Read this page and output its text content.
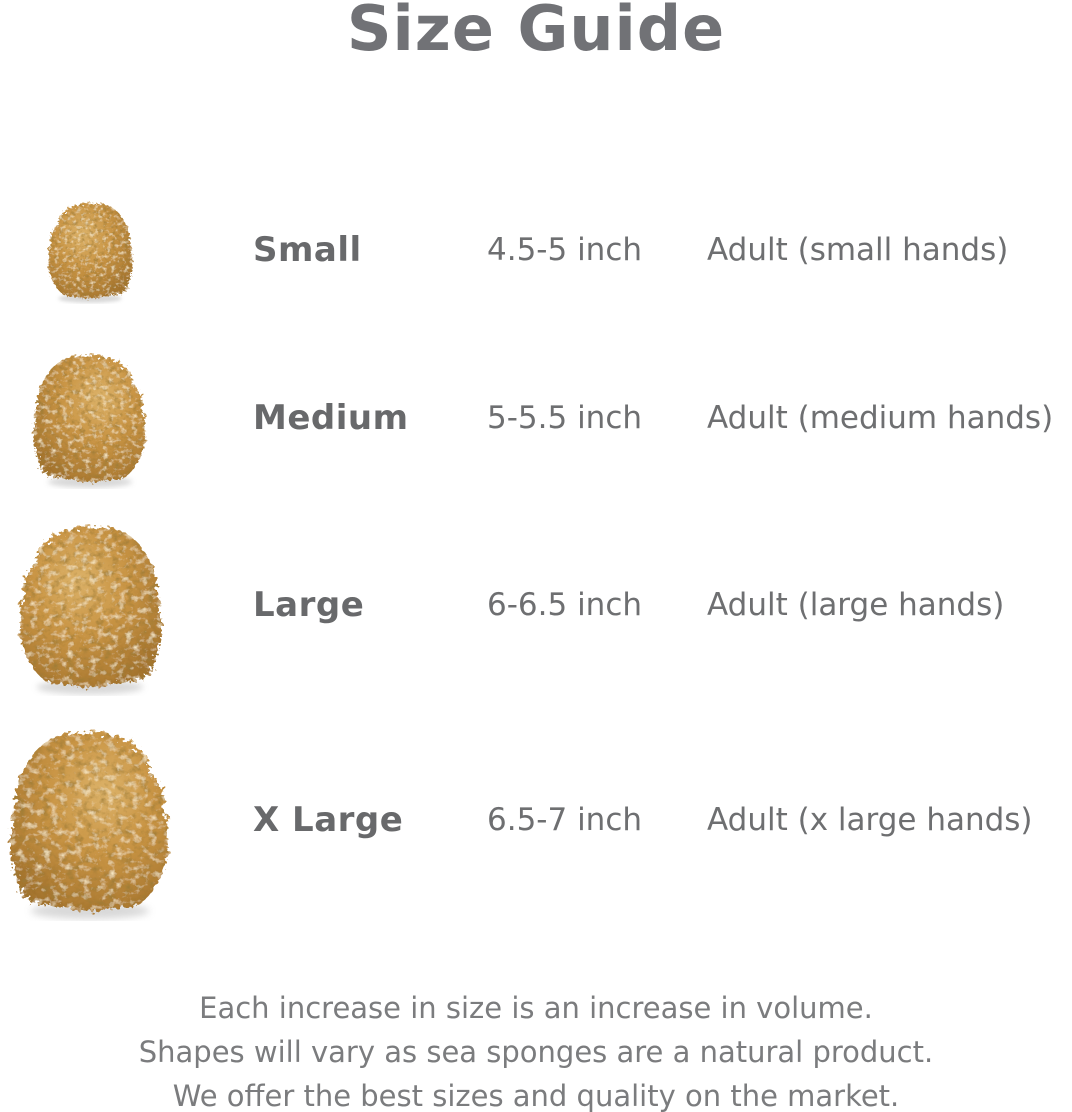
Size Guide
Small	4.5-5 inch	Adult (small hands)
Medium	5-5.5 inch	Adult (medium hands)
Large	6-6.5 inch	Adult (large hands)
X Large	6.5-7 inch	Adult (x large hands)

Each increase in size is an increase in volume.

Shapes will vary as sea sponges are a natural product.

We offer the best sizes and quality on the market.
